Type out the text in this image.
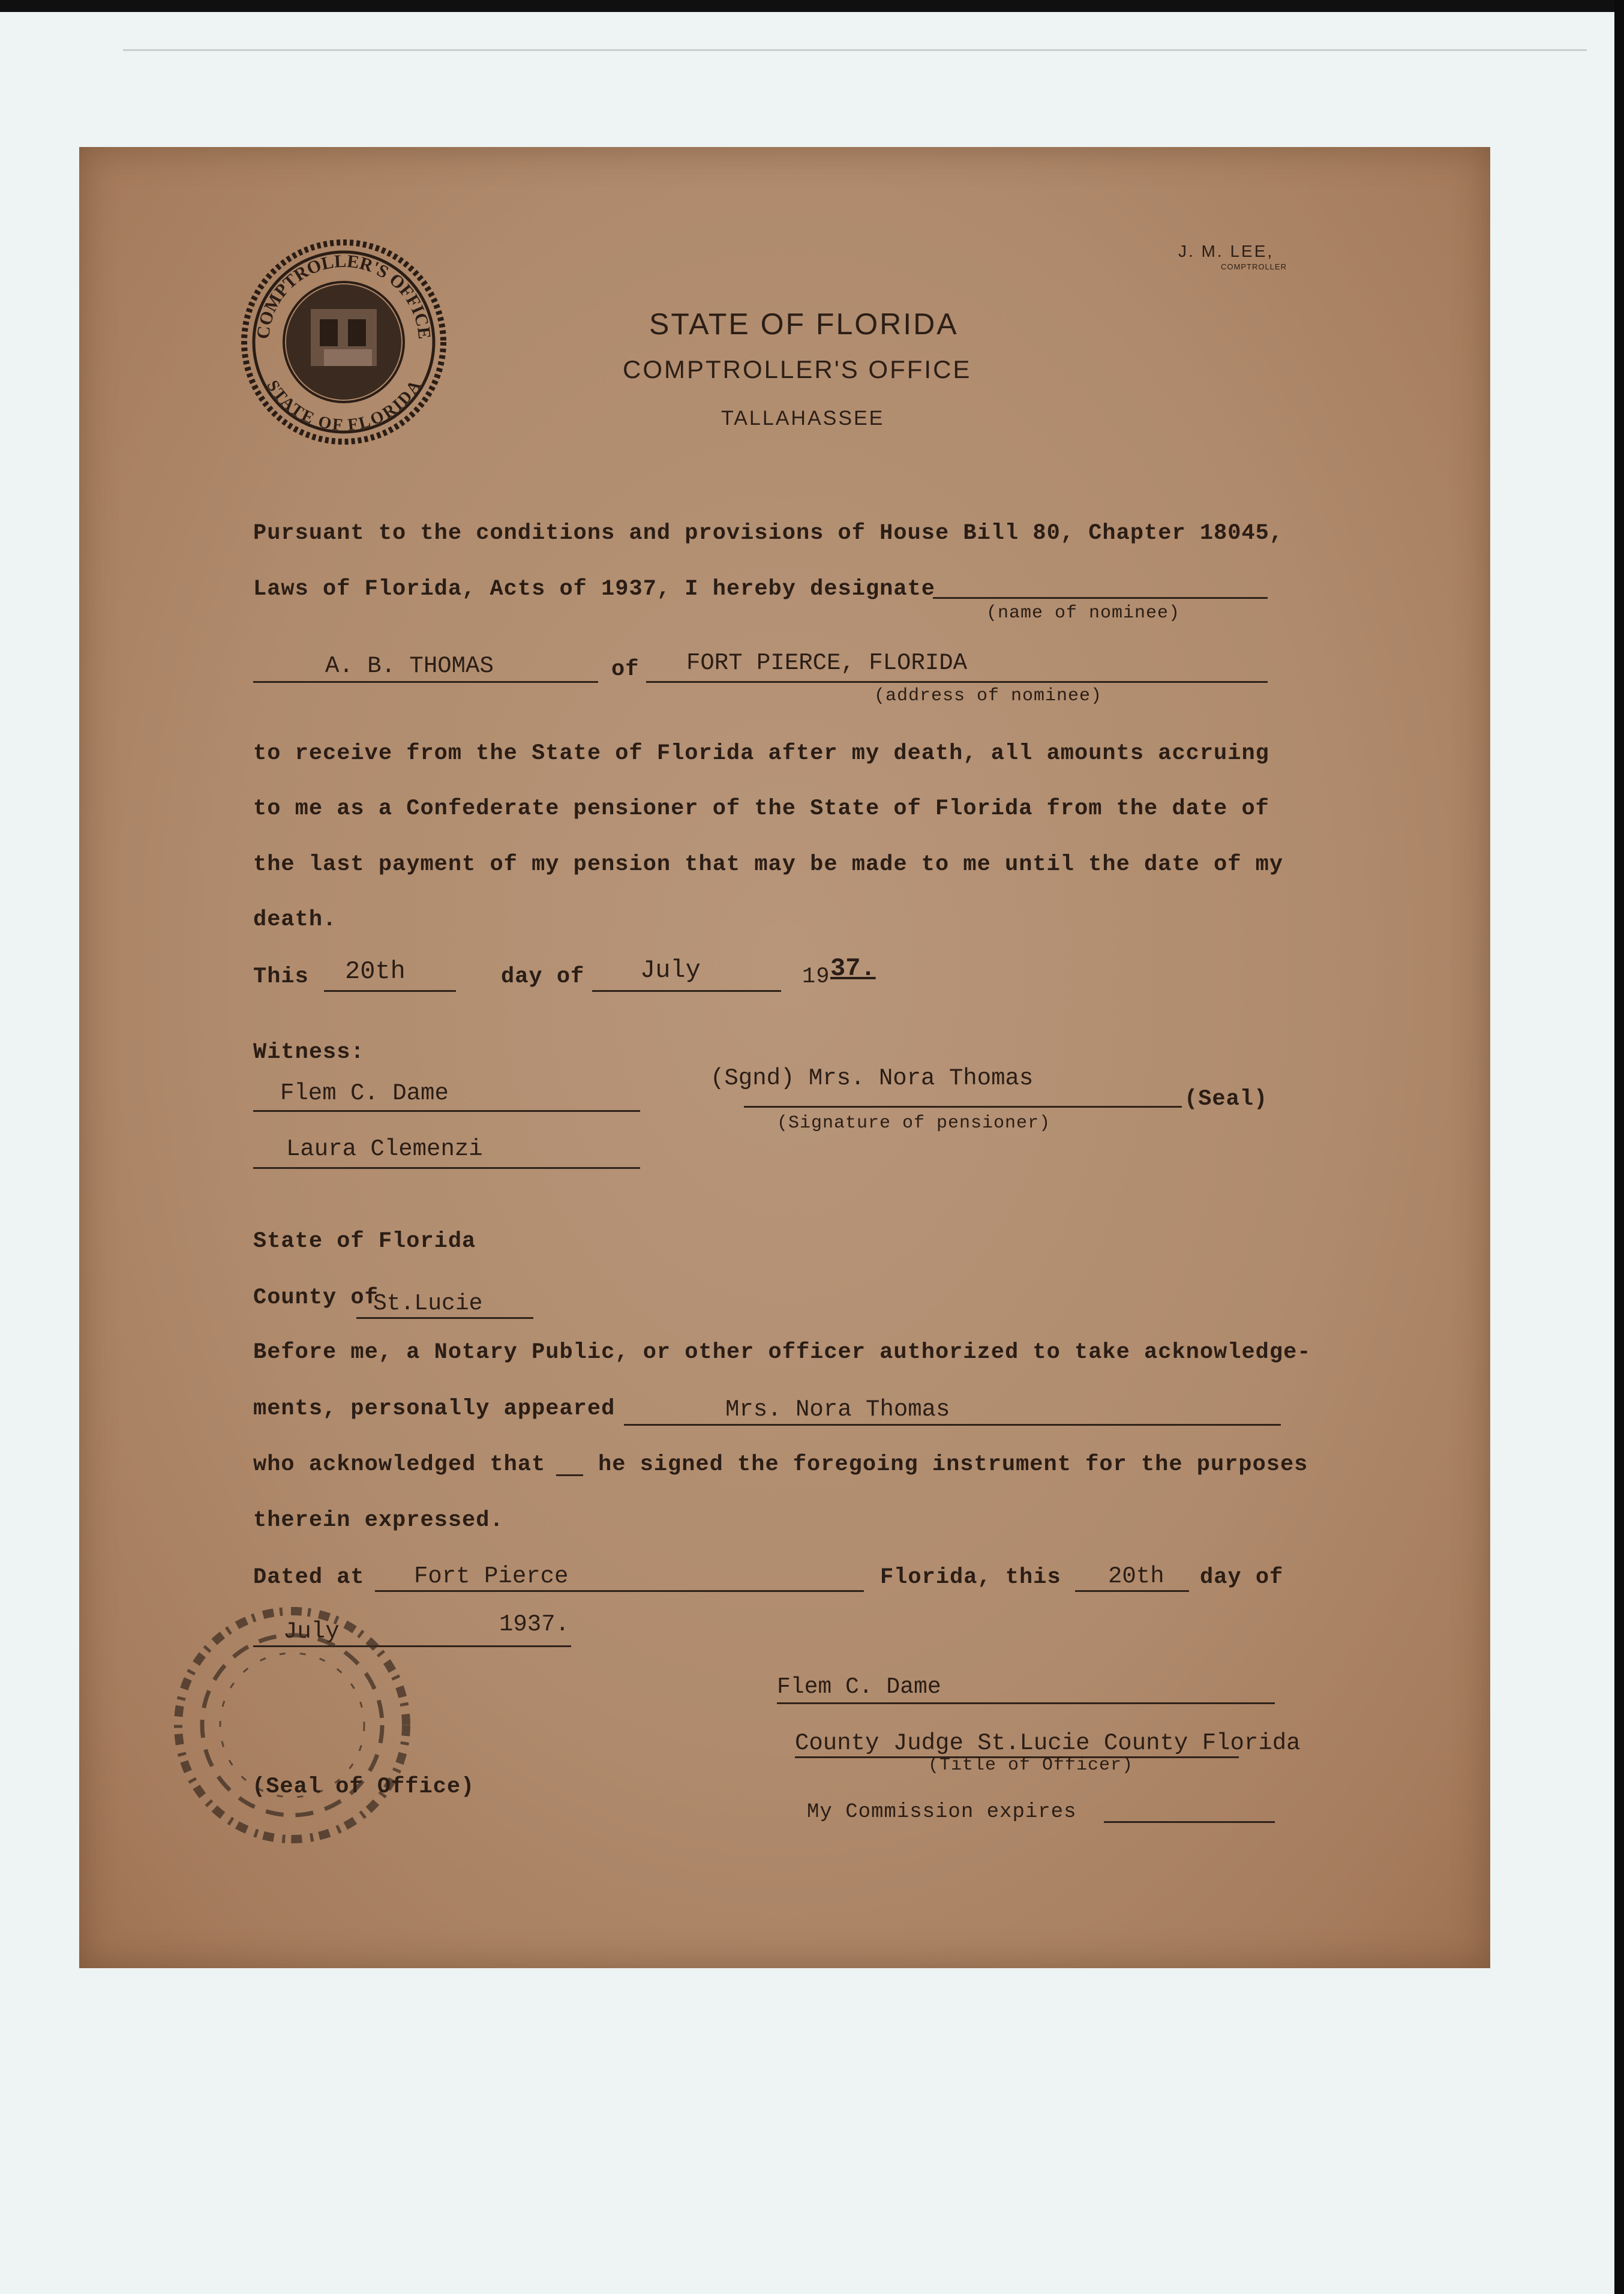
J. M. LEE,
COMPTROLLER
COMPTROLLER'S OFFICE
STATE OF FLORIDA
STATE OF FLORIDA
COMPTROLLER'S OFFICE
TALLAHASSEE
Pursuant to the conditions and provisions of House Bill 80, Chapter 18045,
Laws of Florida, Acts of 1937, I hereby designate
(name of nominee)
A. B. THOMAS	of FORT PIERCE, FLORIDA
(address of nominee)
to receive from the State of Florida after my death, all amounts accruing
to me as a Confederate pensioner of the State of Florida from the date of
the last payment of my pension that may be made to me until the date of my
death.
This 20th	day of July	19 37.
Witness:
Flem C. Dame
Laura Clemenzi
(Sgnd) Mrs. Nora Thomas
(Signature of pensioner)
(Seal)
State of Florida
County of
St.Lucie
Before me, a Notary Public, or other officer authorized to take acknowledge-
ments, personally appeared	Mrs. Nora Thomas
who acknowledged that he signed the foregoing instrument for the purposes
therein expressed.
Dated at Fort Pierce	Florida, this 20th day of
July	1937.
Flem C. Dame
County Judge St.Lucie County Florida
(Title of Officer)
My Commission expires
(Seal of Office)
